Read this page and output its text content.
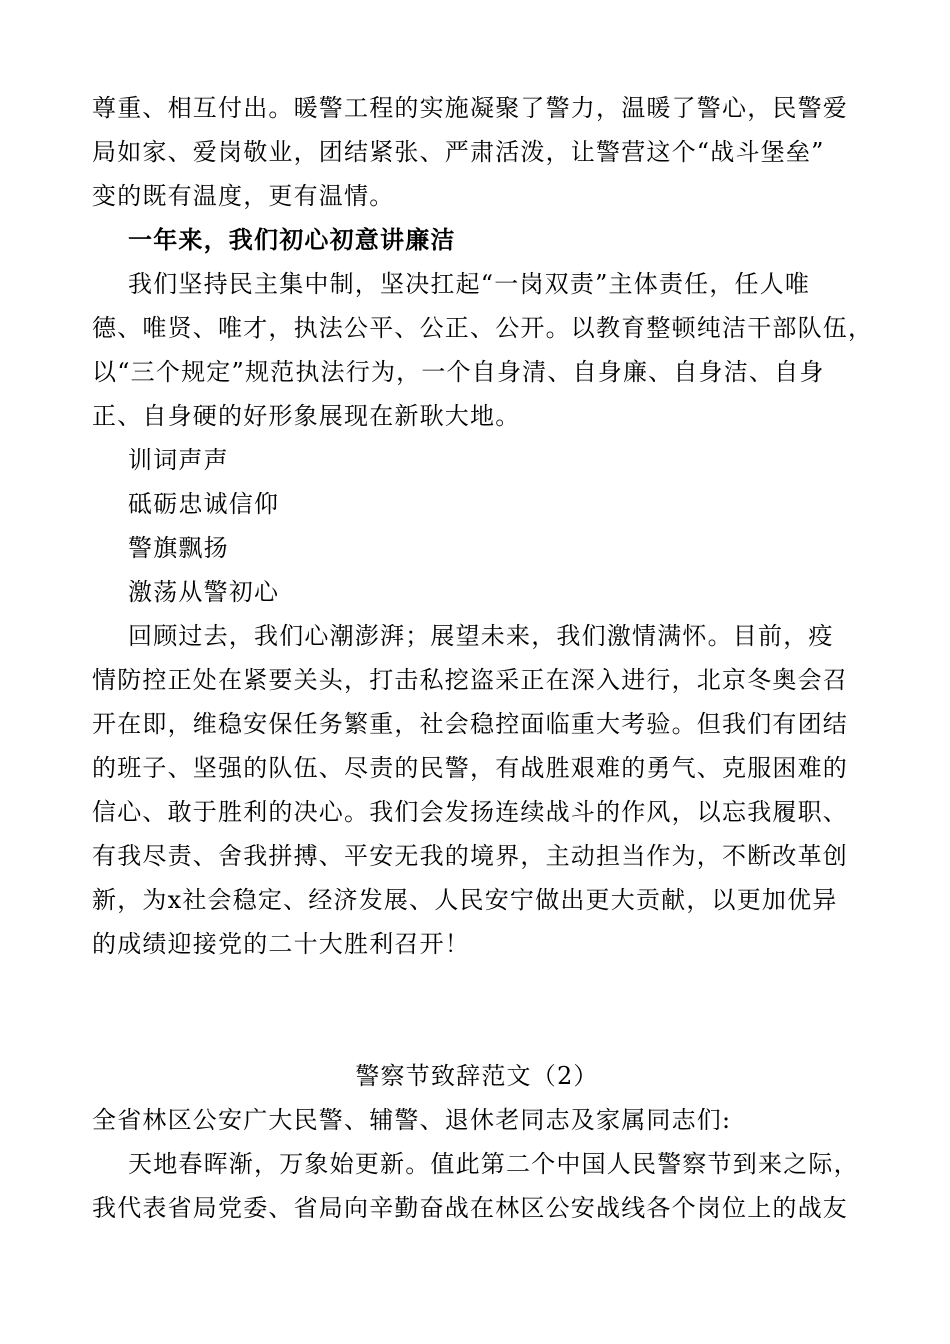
尊重、相互付出。暖警工程的实施凝聚了警力，温暖了警心，民警爱
局如家、爱岗敬业，团结紧张、严肃活泼，让警营这个“战斗堡垒”
变的既有温度，更有温情。
一年来，我们初心初意讲廉洁
我们坚持民主集中制，坚决扛起“一岗双责”主体责任，任人唯
德、唯贤、唯才，执法公平、公正、公开。以教育整顿纯洁干部队伍，
以“三个规定”规范执法行为，一个自身清、自身廉、自身洁、自身
正、自身硬的好形象展现在新耿大地。
训词声声
砥砺忠诚信仰
警旗飘扬
激荡从警初心
回顾过去，我们心潮澎湃；展望未来，我们激情满怀。目前，疫
情防控正处在紧要关头，打击私挖盗采正在深入进行，北京冬奥会召
开在即，维稳安保任务繁重，社会稳控面临重大考验。但我们有团结
的班子、坚强的队伍、尽责的民警，有战胜艰难的勇气、克服困难的
信心、敢于胜利的决心。我们会发扬连续战斗的作风，以忘我履职、
有我尽责、舍我拼搏、平安无我的境界，主动担当作为，不断改革创
新，为x社会稳定、经济发展、人民安宁做出更大贡献，以更加优异
的成绩迎接党的二十大胜利召开！
警察节致辞范文（2）
全省林区公安广大民警、辅警、退休老同志及家属同志们:
天地春晖渐，万象始更新。值此第二个中国人民警察节到来之际，
我代表省局党委、省局向辛勤奋战在林区公安战线各个岗位上的战友
